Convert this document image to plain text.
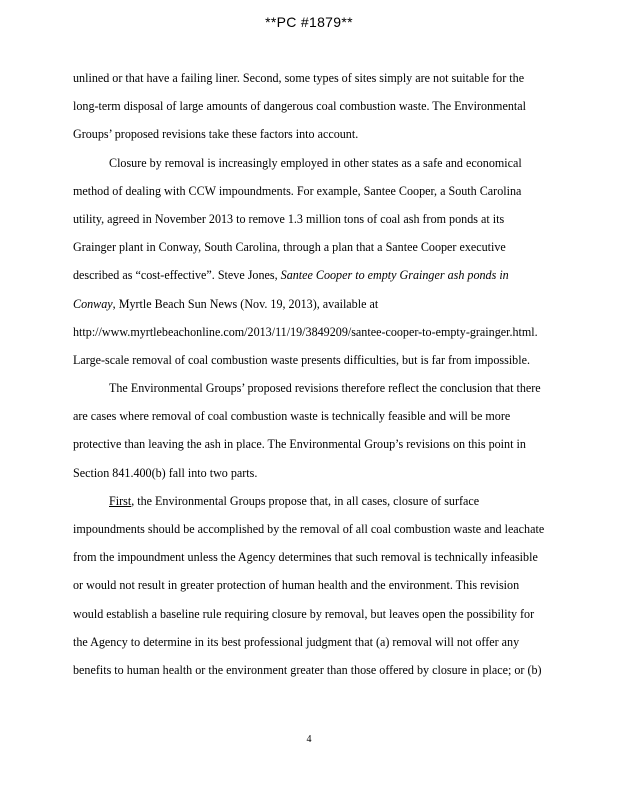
**PC #1879**
unlined or that have a failing liner. Second, some types of sites simply are not suitable for the
long-term disposal of large amounts of dangerous coal combustion waste. The Environmental
Groups’ proposed revisions take these factors into account.
Closure by removal is increasingly employed in other states as a safe and economical
method of dealing with CCW impoundments. For example, Santee Cooper, a South Carolina
utility, agreed in November 2013 to remove 1.3 million tons of coal ash from ponds at its
Grainger plant in Conway, South Carolina, through a plan that a Santee Cooper executive
described as “cost-effective”. Steve Jones, Santee Cooper to empty Grainger ash ponds in
Conway, Myrtle Beach Sun News (Nov. 19, 2013), available at
http://www.myrtlebeachonline.com/2013/11/19/3849209/santee-cooper-to-empty-grainger.html.
Large-scale removal of coal combustion waste presents difficulties, but is far from impossible.
The Environmental Groups’ proposed revisions therefore reflect the conclusion that there
are cases where removal of coal combustion waste is technically feasible and will be more
protective than leaving the ash in place. The Environmental Group’s revisions on this point in
Section 841.400(b) fall into two parts.
First, the Environmental Groups propose that, in all cases, closure of surface
impoundments should be accomplished by the removal of all coal combustion waste and leachate
from the impoundment unless the Agency determines that such removal is technically infeasible
or would not result in greater protection of human health and the environment. This revision
would establish a baseline rule requiring closure by removal, but leaves open the possibility for
the Agency to determine in its best professional judgment that (a) removal will not offer any
benefits to human health or the environment greater than those offered by closure in place; or (b)
4
